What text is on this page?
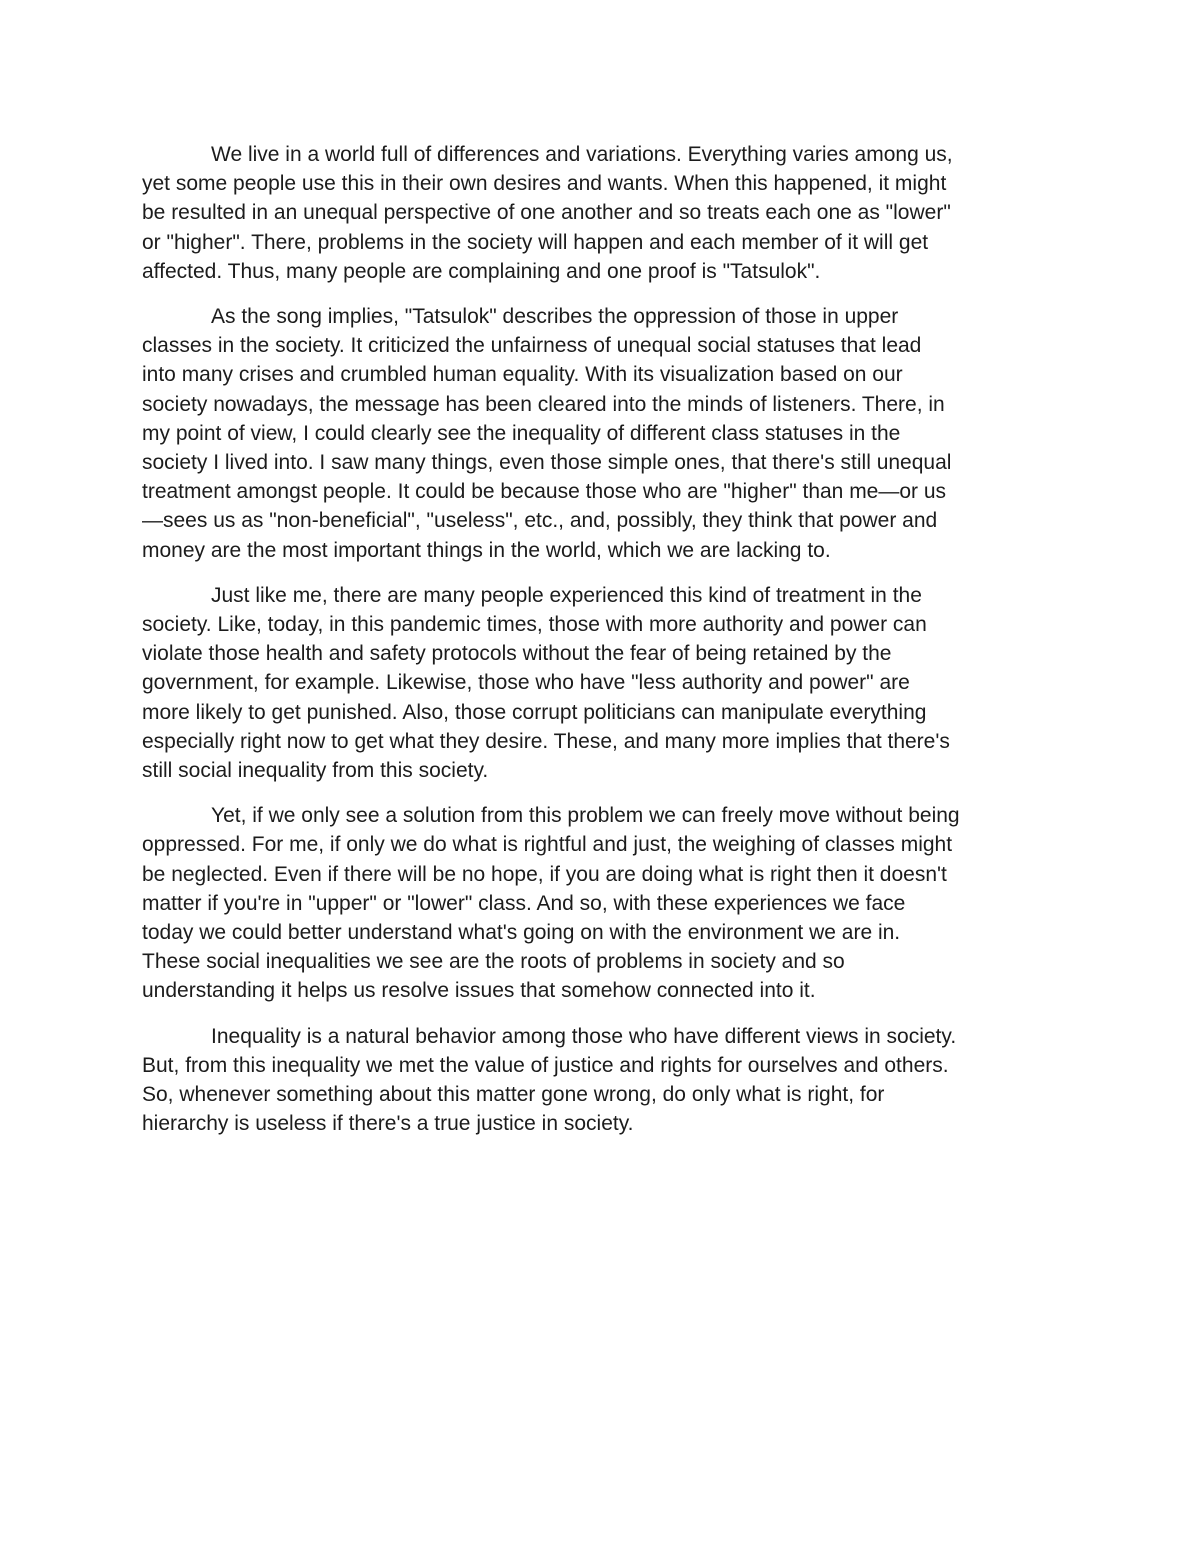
We live in a world full of differences and variations. Everything varies among us,
yet some people use this in their own desires and wants. When this happened, it might
be resulted in an unequal perspective of one another and so treats each one as "lower"
or "higher". There, problems in the society will happen and each member of it will get
affected. Thus, many people are complaining and one proof is "Tatsulok".

As the song implies, "Tatsulok" describes the oppression of those in upper
classes in the society. It criticized the unfairness of unequal social statuses that lead
into many crises and crumbled human equality. With its visualization based on our
society nowadays, the message has been cleared into the minds of listeners. There, in
my point of view, I could clearly see the inequality of different class statuses in the
society I lived into. I saw many things, even those simple ones, that there's still unequal
treatment amongst people. It could be because those who are "higher" than me—or us
—sees us as "non-beneficial", "useless", etc., and, possibly, they think that power and
money are the most important things in the world, which we are lacking to.

Just like me, there are many people experienced this kind of treatment in the
society. Like, today, in this pandemic times, those with more authority and power can
violate those health and safety protocols without the fear of being retained by the
government, for example. Likewise, those who have "less authority and power" are
more likely to get punished. Also, those corrupt politicians can manipulate everything
especially right now to get what they desire. These, and many more implies that there's
still social inequality from this society.

Yet, if we only see a solution from this problem we can freely move without being
oppressed. For me, if only we do what is rightful and just, the weighing of classes might
be neglected. Even if there will be no hope, if you are doing what is right then it doesn't
matter if you're in "upper" or "lower" class. And so, with these experiences we face
today we could better understand what's going on with the environment we are in.
These social inequalities we see are the roots of problems in society and so
understanding it helps us resolve issues that somehow connected into it.

Inequality is a natural behavior among those who have different views in society.
But, from this inequality we met the value of justice and rights for ourselves and others.
So, whenever something about this matter gone wrong, do only what is right, for
hierarchy is useless if there's a true justice in society.
